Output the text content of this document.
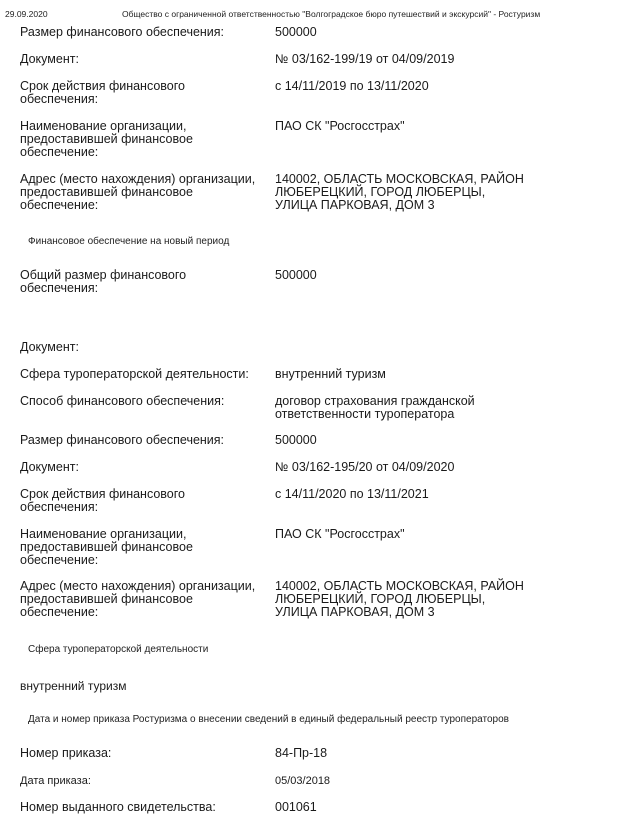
29.09.2020	Общество с ограниченной ответственностью "Волгоградское бюро путешествий и экскурсий" - Ростуризм
Размер финансового обеспечения:	500000
Документ:	№ 03/162-199/19 от 04/09/2019
Срок действия финансового
обеспечения:
с 14/11/2019 по 13/11/2020
Наименование организации,
предоставившей финансовое
обеспечение:
ПАО СК "Росгосстрах"
Адрес (место нахождения) организации,
предоставившей финансовое
обеспечение:
140002, ОБЛАСТЬ МОСКОВСКАЯ, РАЙОН
ЛЮБЕРЕЦКИЙ, ГОРОД ЛЮБЕРЦЫ,
УЛИЦА ПАРКОВАЯ, ДОМ 3
Финансовое обеспечение на новый период
Общий размер финансового
обеспечения:
500000
Документ:
Сфера туроператорской деятельности:	внутренний туризм
Способ финансового обеспечения:	договор страхования гражданской
ответственности туроператора
Размер финансового обеспечения:	500000
Документ:	№ 03/162-195/20 от 04/09/2020
Срок действия финансового
обеспечения:
с 14/11/2020 по 13/11/2021
Наименование организации,
предоставившей финансовое
обеспечение:
ПАО СК "Росгосстрах"
Адрес (место нахождения) организации,
предоставившей финансовое
обеспечение:
140002, ОБЛАСТЬ МОСКОВСКАЯ, РАЙОН
ЛЮБЕРЕЦКИЙ, ГОРОД ЛЮБЕРЦЫ,
УЛИЦА ПАРКОВАЯ, ДОМ 3
Сфера туроператорской деятельности
внутренний туризм
Дата и номер приказа Ростуризма о внесении сведений в единый федеральный реестр туроператоров
Номер приказа:	84-Пр-18
Дата приказа:	05/03/2018
Номер выданного свидетельства:	001061
